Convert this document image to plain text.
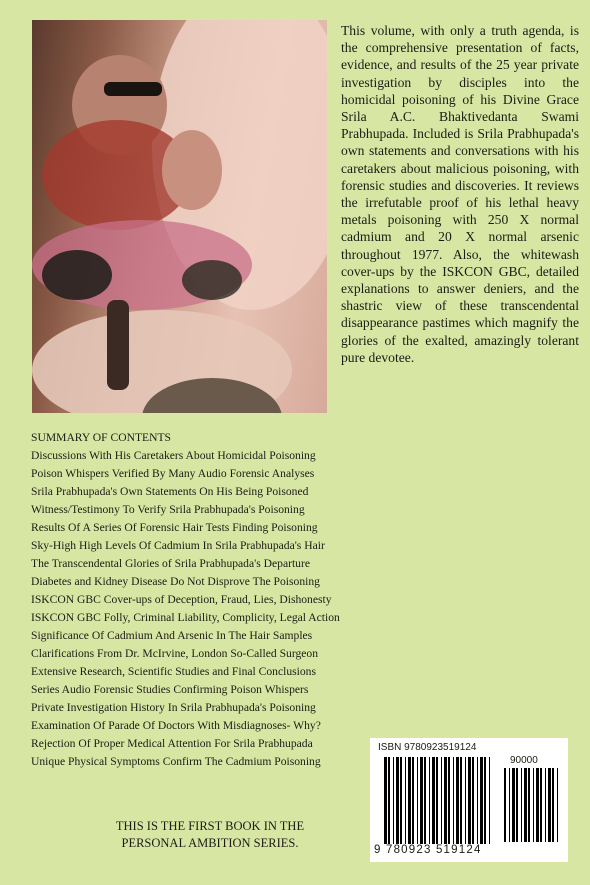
This volume, with only a truth agenda, is the comprehensive presentation of facts, evidence, and results of the 25 year private investigation by disciples into the homicidal poisoning of his Divine Grace Srila A.C. Bhaktivedanta Swami Prabhupada. Included is Srila Prabhupada's own statements and conversations with his caretakers about malicious poisoning, with forensic studies and discoveries. It reviews the irrefutable proof of his lethal heavy metals poisoning with 250 X normal cadmium and 20 X normal arsenic throughout 1977. Also, the whitewash cover-ups by the ISKCON GBC, detailed explanations to answer deniers, and the shastric view of these transcendental disappearance pastimes which magnify the glories of the exalted, amazingly tolerant pure devotee.

SUMMARY OF CONTENTS

Discussions With His Caretakers About Homicidal Poisoning
Poison Whispers Verified By Many Audio Forensic Analyses
Srila Prabhupada's Own Statements On His Being Poisoned
Witness/Testimony To Verify Srila Prabhupada's Poisoning
Results Of A Series Of Forensic Hair Tests Finding Poisoning
Sky-High High Levels Of Cadmium In Srila Prabhupada's Hair
The Transcendental Glories of Srila Prabhupada's Departure
Diabetes and Kidney Disease Do Not Disprove The Poisoning
ISKCON GBC Cover-ups of Deception, Fraud, Lies, Dishonesty
ISKCON GBC Folly, Criminal Liability, Complicity, Legal Action
Significance Of Cadmium And Arsenic In The Hair Samples
Clarifications From Dr. McIrvine, London So-Called Surgeon
Extensive Research, Scientific Studies and Final Conclusions
Series Audio Forensic Studies Confirming Poison Whispers
Private Investigation History In Srila Prabhupada's Poisoning
Examination Of Parade Of Doctors With Misdiagnoses- Why?
Rejection Of Proper Medical Attention For Srila Prabhupada
Unique Physical Symptoms Confirm The Cadmium Poisoning
THIS IS THE FIRST BOOK IN THE
PERSONAL AMBITION SERIES.
ISBN 9780923519124
90000
9 780923 519124
